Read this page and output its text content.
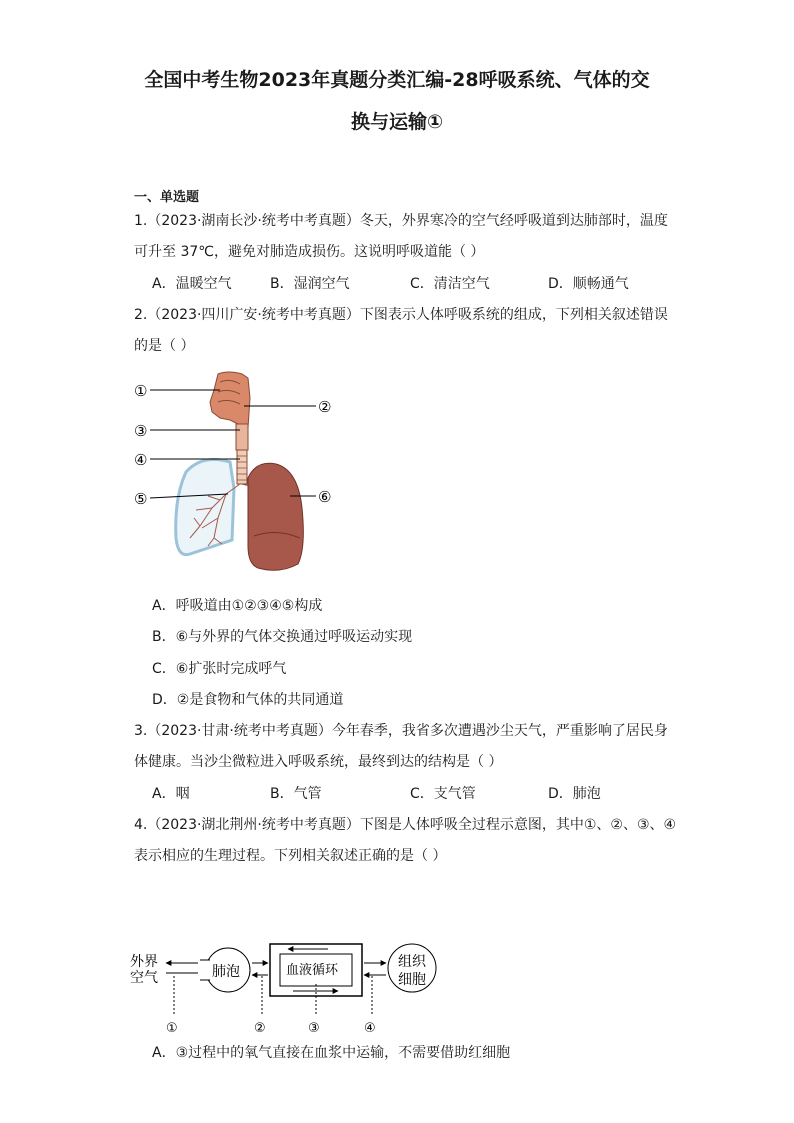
全国中考生物2023年真题分类汇编-28呼吸系统、气体的交
换与运输①
一、单选题
1.（2023·湖南长沙·统考中考真题）冬天，外界寒冷的空气经呼吸道到达肺部时，温度
可升至 37℃，避免对肺造成损伤。这说明呼吸道能（ ）
A．温暖空气	B．湿润空气	C．清洁空气	D．顺畅通气
2.（2023·四川广安·统考中考真题）下图表示人体呼吸系统的组成，下列相关叙述错误
的是（ ）
①
②
③
④
⑤	⑥
A．呼吸道由①②③④⑤构成
B．⑥与外界的气体交换通过呼吸运动实现
C．⑥扩张时完成呼气
D．②是食物和气体的共同通道
3.（2023·甘肃·统考中考真题）今年春季，我省多次遭遇沙尘天气，严重影响了居民身
体健康。当沙尘微粒进入呼吸系统，最终到达的结构是（ ）
A．咽	B．气管	C．支气管	D．肺泡
4.（2023·湖北荆州·统考中考真题）下图是人体呼吸全过程示意图，其中①、②、③、④
表示相应的生理过程。下列相关叙述正确的是（ ）
外界
空气	肺泡	血液循环
组织
细胞
①	②	③	④
A．③过程中的氧气直接在血浆中运输，不需要借助红细胞
